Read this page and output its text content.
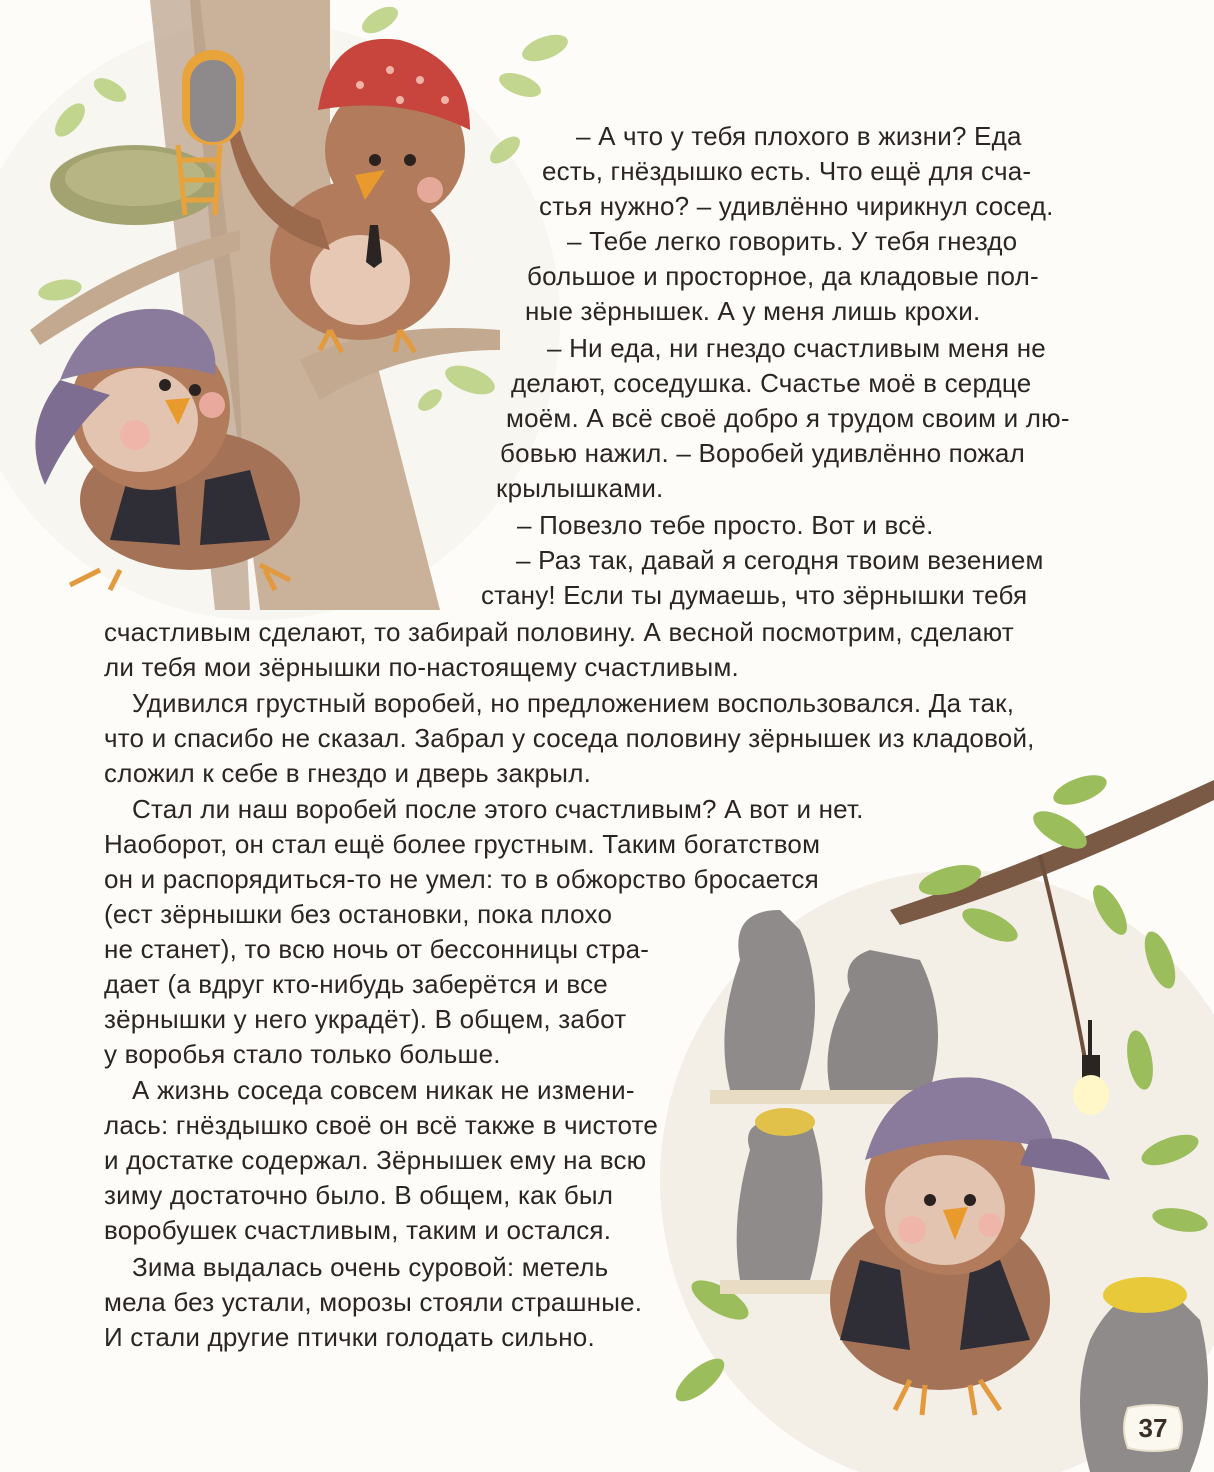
– А что у тебя плохого в жизни? Еда
есть, гнёздышко есть. Что ещё для сча-
стья нужно? – удивлённо чирикнул сосед.
– Тебе легко говорить. У тебя гнездо
большое и просторное, да кладовые пол-
ные зёрнышек. А у меня лишь крохи.
– Ни еда, ни гнездо счастливым меня не
делают, соседушка. Счастье моё в сердце
моём. А всё своё добро я трудом своим и лю-
бовью нажил. – Воробей удивлённо пожал
крылышками.
– Повезло тебе просто. Вот и всё.
– Раз так, давай я сегодня твоим везением
стану! Если ты думаешь, что зёрнышки тебя
счастливым сделают, то забирай половину. А весной посмотрим, сделают
ли тебя мои зёрнышки по-настоящему счастливым.
Удивился грустный воробей, но предложением воспользовался. Да так,
что и спасибо не сказал. Забрал у соседа половину зёрнышек из кладовой,
сложил к себе в гнездо и дверь закрыл.
Стал ли наш воробей после этого счастливым? А вот и нет.
Наоборот, он стал ещё более грустным. Таким богатством
он и распорядиться-то не умел: то в обжорство бросается
(ест зёрнышки без остановки, пока плохо
не станет), то всю ночь от бессонницы стра-
дает (а вдруг кто-нибудь заберётся и все
зёрнышки у него украдёт). В общем, забот
у воробья стало только больше.
А жизнь соседа совсем никак не измени-
лась: гнёздышко своё он всё также в чистоте
и достатке содержал. Зёрнышек ему на всю
зиму достаточно было. В общем, как был
воробушек счастливым, таким и остался.
Зима выдалась очень суровой: метель
мела без устали, морозы стояли страшные.
И стали другие птички голодать сильно.
37
